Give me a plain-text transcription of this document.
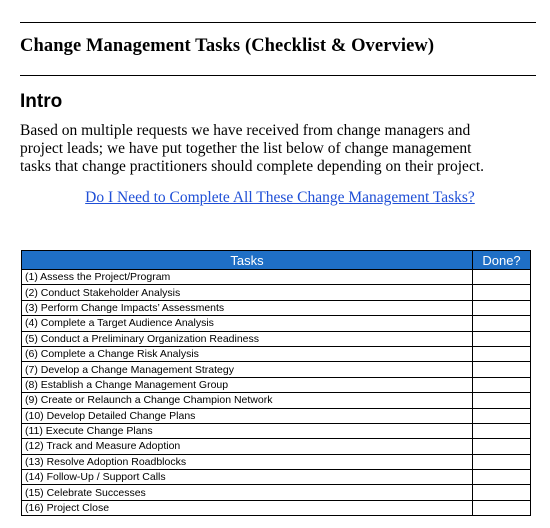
Change Management Tasks (Checklist & Overview)
Intro
Based on multiple requests we have received from change managers and
project leads; we have put together the list below of change management
tasks that change practitioners should complete depending on their project.
Do I Need to Complete All These Change Management Tasks?
Tasks	Done?
(1) Assess the Project/Program	
(2) Conduct Stakeholder Analysis	
(3) Perform Change Impacts’ Assessments	
(4) Complete a Target Audience Analysis	
(5) Conduct a Preliminary Organization Readiness	
(6) Complete a Change Risk Analysis	
(7) Develop a Change Management Strategy	
(8) Establish a Change Management Group	
(9) Create or Relaunch a Change Champion Network	
(10) Develop Detailed Change Plans	
(11) Execute Change Plans	
(12) Track and Measure Adoption	
(13) Resolve Adoption Roadblocks	
(14) Follow-Up / Support Calls	
(15) Celebrate Successes	
(16) Project Close	
